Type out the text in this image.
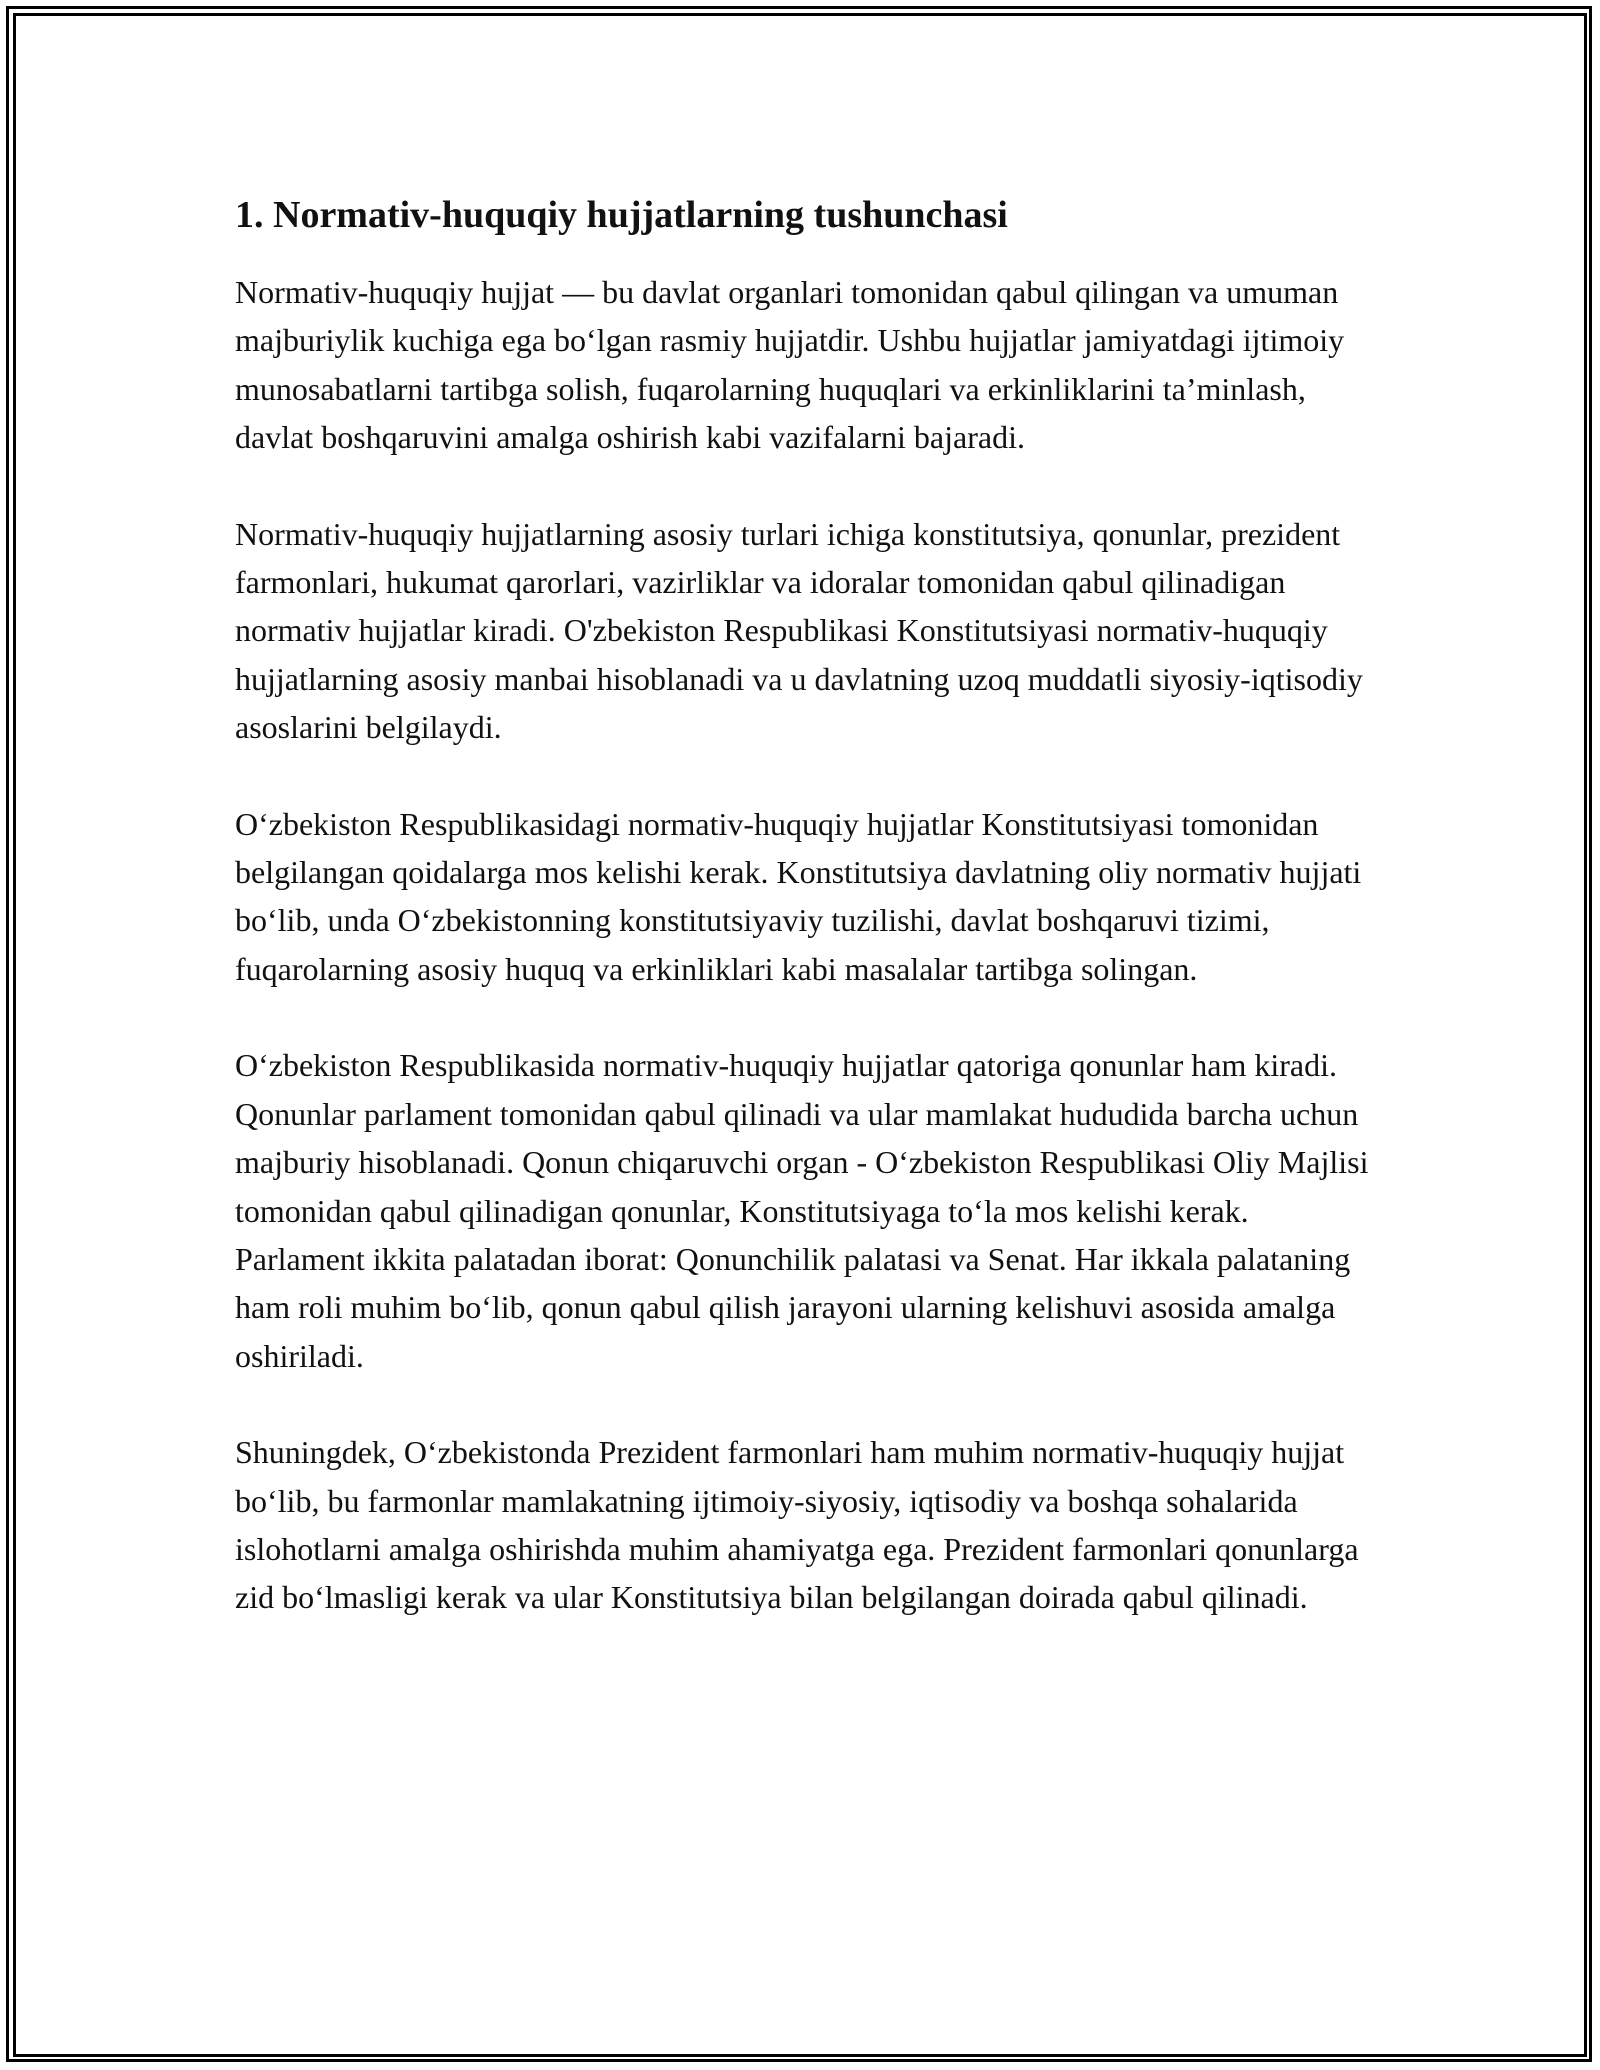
1. Normativ-huquqiy hujjatlarning tushunchasi

Normativ-huquqiy hujjat — bu davlat organlari tomonidan qabul qilingan va umuman majburiylik kuchiga ega bo‘lgan rasmiy hujjatdir. Ushbu hujjatlar jamiyatdagi ijtimoiy munosabatlarni tartibga solish, fuqarolarning huquqlari va erkinliklarini ta’minlash, davlat boshqaruvini amalga oshirish kabi vazifalarni bajaradi.

Normativ-huquqiy hujjatlarning asosiy turlari ichiga konstitutsiya, qonunlar, prezident farmonlari, hukumat qarorlari, vazirliklar va idoralar tomonidan qabul qilinadigan normativ hujjatlar kiradi. O'zbekiston Respublikasi Konstitutsiyasi normativ-huquqiy hujjatlarning asosiy manbai hisoblanadi va u davlatning uzoq muddatli siyosiy-iqtisodiy asoslarini belgilaydi.

O‘zbekiston Respublikasidagi normativ-huquqiy hujjatlar Konstitutsiyasi tomonidan belgilangan qoidalarga mos kelishi kerak. Konstitutsiya davlatning oliy normativ hujjati bo‘lib, unda O‘zbekistonning konstitutsiyaviy tuzilishi, davlat boshqaruvi tizimi, fuqarolarning asosiy huquq va erkinliklari kabi masalalar tartibga solingan.

O‘zbekiston Respublikasida normativ-huquqiy hujjatlar qatoriga qonunlar ham kiradi. Qonunlar parlament tomonidan qabul qilinadi va ular mamlakat hududida barcha uchun majburiy hisoblanadi. Qonun chiqaruvchi organ - O‘zbekiston Respublikasi Oliy Majlisi tomonidan qabul qilinadigan qonunlar, Konstitutsiyaga to‘la mos kelishi kerak. Parlament ikkita palatadan iborat: Qonunchilik palatasi va Senat. Har ikkala palataning ham roli muhim bo‘lib, qonun qabul qilish jarayoni ularning kelishuvi asosida amalga oshiriladi.

Shuningdek, O‘zbekistonda Prezident farmonlari ham muhim normativ-huquqiy hujjat bo‘lib, bu farmonlar mamlakatning ijtimoiy-siyosiy, iqtisodiy va boshqa sohalarida islohotlarni amalga oshirishda muhim ahamiyatga ega. Prezident farmonlari qonunlarga zid bo‘lmasligi kerak va ular Konstitutsiya bilan belgilangan doirada qabul qilinadi.
